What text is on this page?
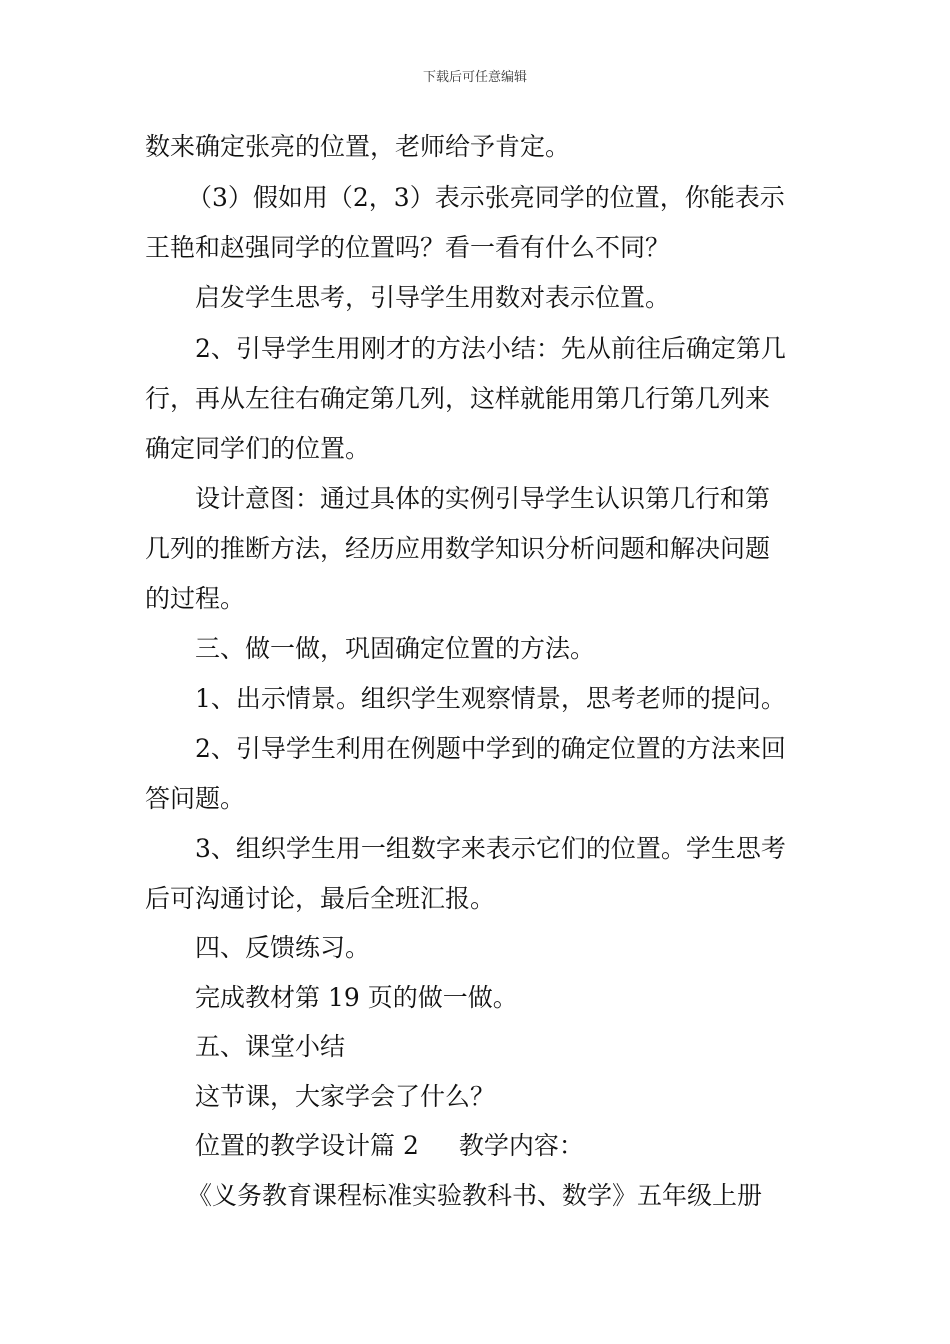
下载后可任意编辑
数来确定张亮的位置，老师给予肯定。
（3）假如用（2，3）表示张亮同学的位置，你能表示
王艳和赵强同学的位置吗？看一看有什么不同？
启发学生思考，引导学生用数对表示位置。
2、引导学生用刚才的方法小结：先从前往后确定第几
行，再从左往右确定第几列，这样就能用第几行第几列来
确定同学们的位置。
设计意图：通过具体的实例引导学生认识第几行和第
几列的推断方法，经历应用数学知识分析问题和解决问题
的过程。
三、做一做，巩固确定位置的方法。
1、出示情景。组织学生观察情景，思考老师的提问。
2、引导学生利用在例题中学到的确定位置的方法来回
答问题。
3、组织学生用一组数字来表示它们的位置。学生思考
后可沟通讨论，最后全班汇报。
四、反馈练习。
完成教材第 19 页的做一做。
五、课堂小结
这节课，大家学会了什么？
位置的教学设计篇 2 教学内容：
《义务教育课程标准实验教科书、数学》五年级上册
